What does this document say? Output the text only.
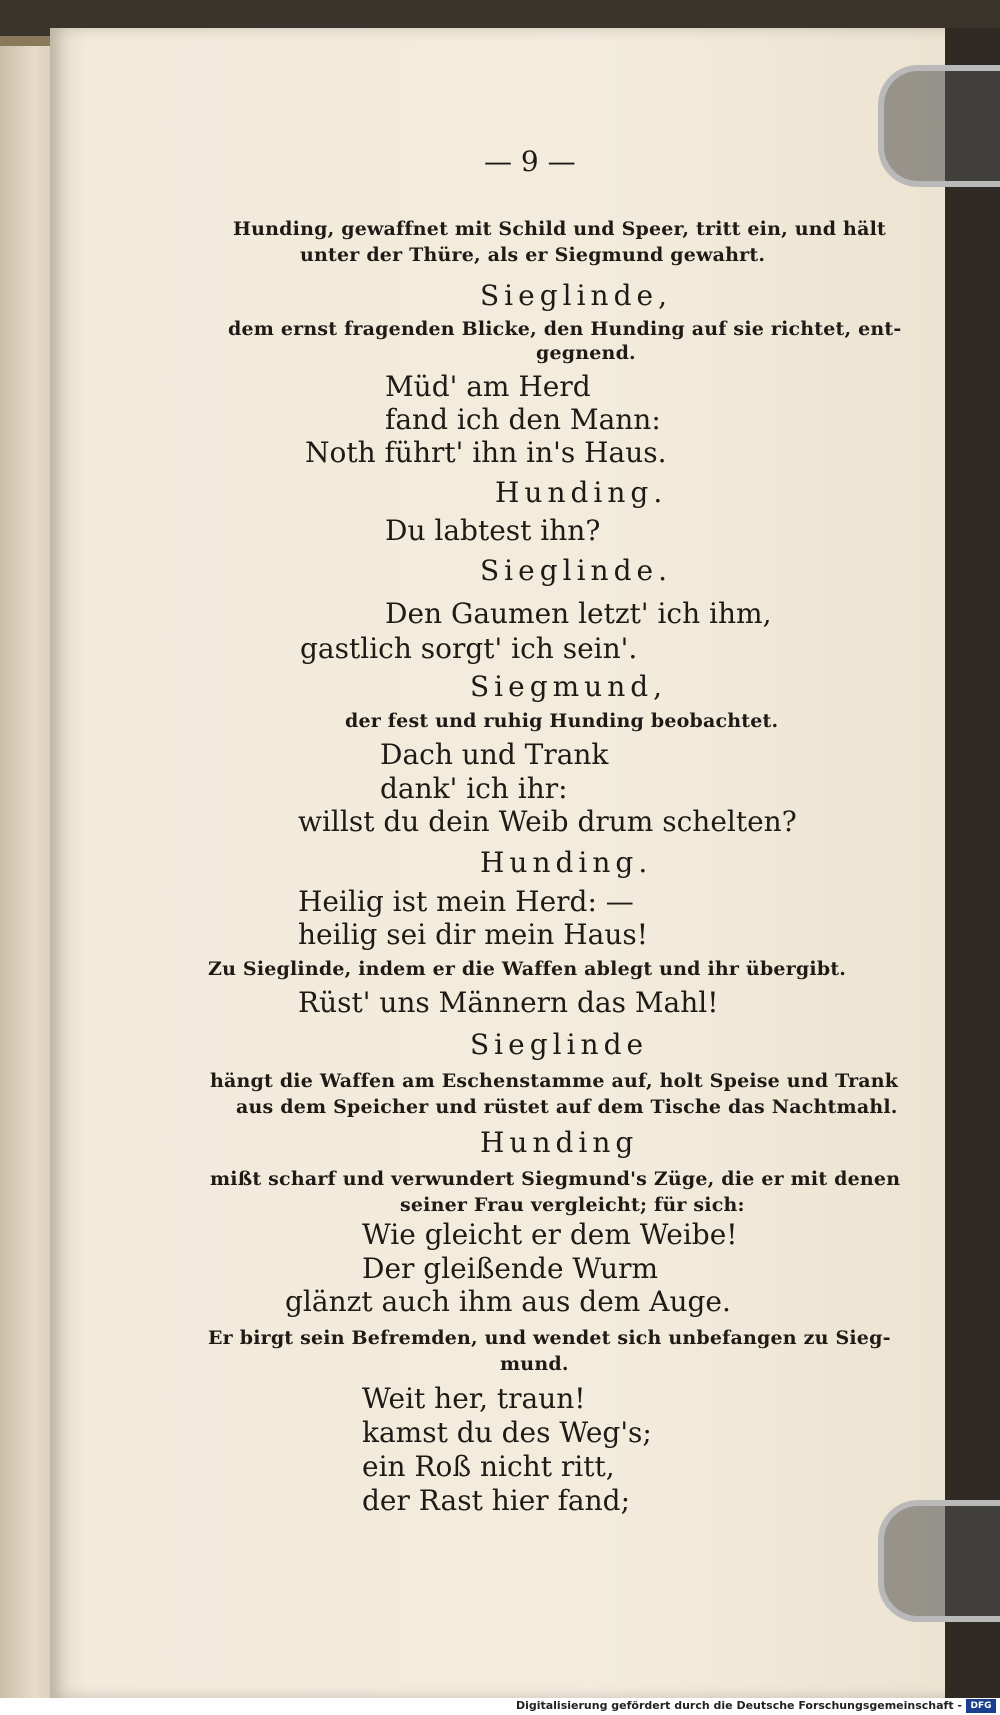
— 9 —
Hunding, gewaffnet mit Schild und Speer, tritt ein, und hält
unter der Thüre, als er Siegmund gewahrt.
Sieglinde,
dem ernst fragenden Blicke, den Hunding auf sie richtet, ent-
gegnend.
Müd' am Herd
fand ich den Mann:
Noth führt' ihn in's Haus.
Hunding.
Du labtest ihn?
Sieglinde.
Den Gaumen letzt' ich ihm,
gastlich sorgt' ich sein'.
Siegmund,
der fest und ruhig Hunding beobachtet.
Dach und Trank
dank' ich ihr:
willst du dein Weib drum schelten?
Hunding.
Heilig ist mein Herd: —
heilig sei dir mein Haus!
Zu Sieglinde, indem er die Waffen ablegt und ihr übergibt.
Rüst' uns Männern das Mahl!
Sieglinde
hängt die Waffen am Eschenstamme auf, holt Speise und Trank
aus dem Speicher und rüstet auf dem Tische das Nachtmahl.
Hunding
mißt scharf und verwundert Siegmund's Züge, die er mit denen
seiner Frau vergleicht; für sich:
Wie gleicht er dem Weibe!
Der gleißende Wurm
glänzt auch ihm aus dem Auge.
Er birgt sein Befremden, und wendet sich unbefangen zu Sieg-
mund.
Weit her, traun!
kamst du des Weg's;
ein Roß nicht ritt,
der Rast hier fand;
Digitalisierung gefördert durch die Deutsche Forschungsgemeinschaft - DFG
